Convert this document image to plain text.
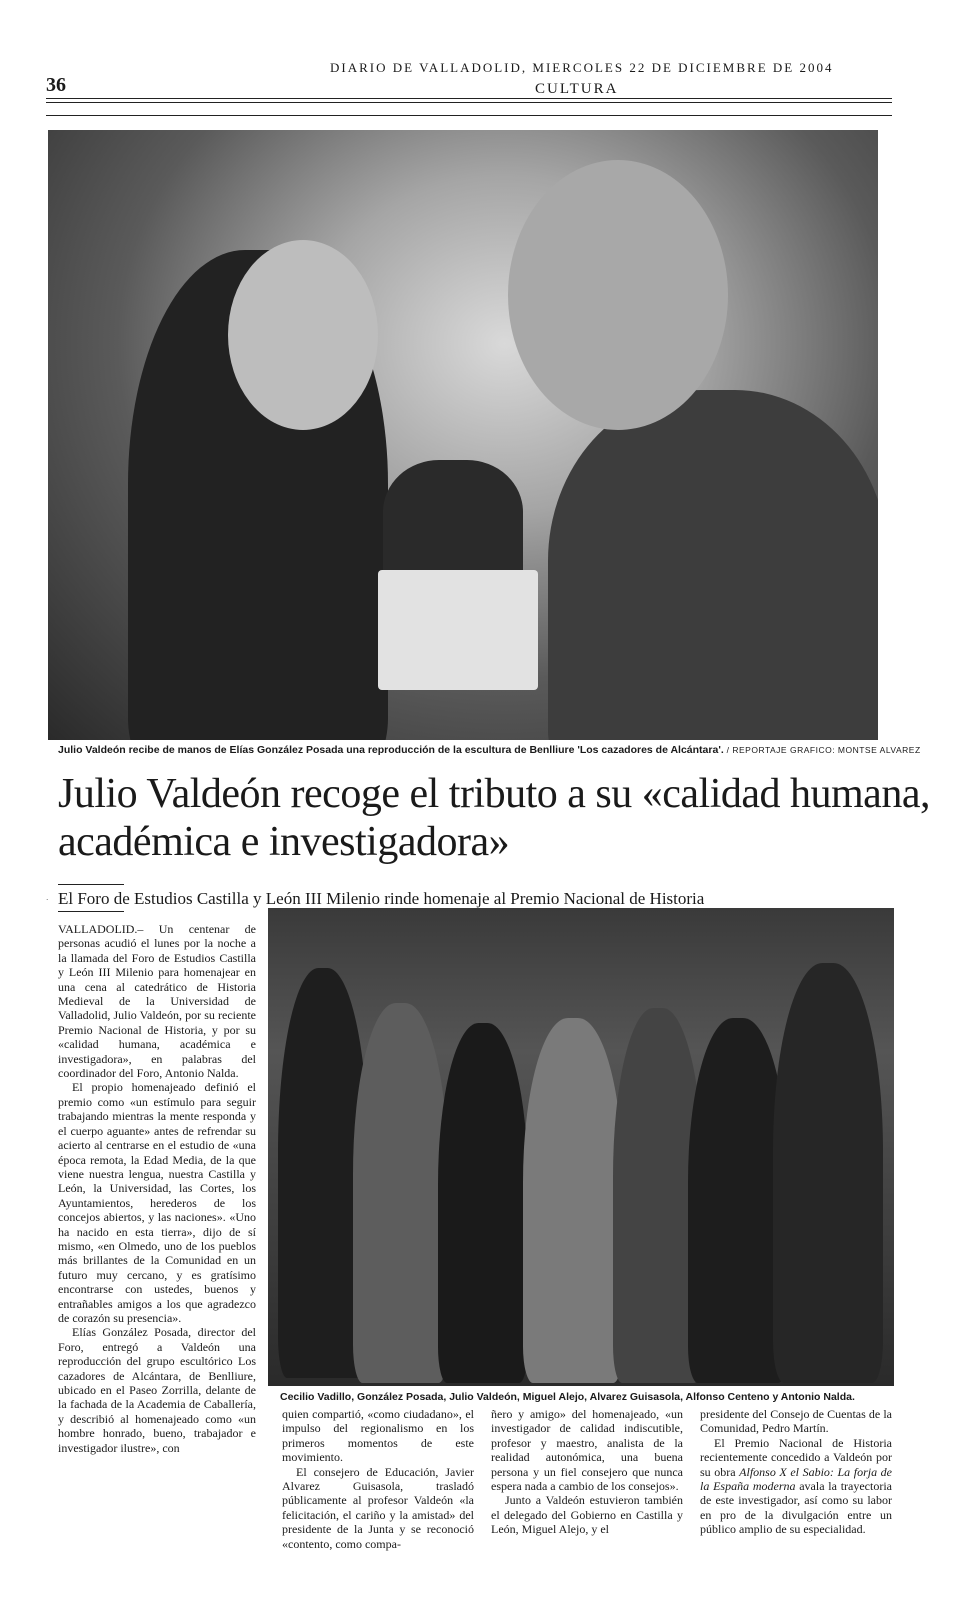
36
DIARIO DE VALLADOLID, MIERCOLES 22 DE DICIEMBRE DE 2004
CULTURA
Julio Valdeón recibe de manos de Elías González Posada una reproducción de la escultura de Benlliure 'Los cazadores de Alcántara'. / REPORTAJE GRAFICO: MONTSE ALVAREZ
Julio Valdeón recoge el tributo a su «calidad humana, académica e investigadora»
· El Foro de Estudios Castilla y León III Milenio rinde homenaje al Premio Nacional de Historia
Cecilio Vadillo, González Posada, Julio Valdeón, Miguel Alejo, Alvarez Guisasola, Alfonso Centeno y Antonio Nalda.

VALLADOLID.– Un centenar de personas acudió el lunes por la noche a la llamada del Foro de Estudios Castilla y León III Milenio para homenajear en una cena al catedrático de Historia Medieval de la Universidad de Valladolid, Julio Valdeón, por su reciente Premio Nacional de Historia, y por su «calidad humana, académica e investigadora», en palabras del coordinador del Foro, Antonio Nalda.

El propio homenajeado definió el premio como «un estímulo para seguir trabajando mientras la mente responda y el cuerpo aguante» antes de refrendar su acierto al centrarse en el estudio de «una época remota, la Edad Media, de la que viene nuestra lengua, nuestra Castilla y León, la Universidad, las Cortes, los Ayuntamientos, herederos de los concejos abiertos, y las naciones». «Uno ha nacido en esta tierra», dijo de sí mismo, «en Olmedo, uno de los pueblos más brillantes de la Comunidad en un futuro muy cercano, y es gratísimo encontrarse con ustedes, buenos y entrañables amigos a los que agradezco de corazón su presencia».

Elías González Posada, director del Foro, entregó a Valdeón una reproducción del grupo escultórico Los cazadores de Alcántara, de Benlliure, ubicado en el Paseo Zorrilla, delante de la fachada de la Academia de Caballería, y describió al homenajeado como «un hombre honrado, bueno, trabajador e investigador ilustre», con

quien compartió, «como ciudadano», el impulso del regionalismo en los primeros momentos de este movimiento.

El consejero de Educación, Javier Alvarez Guisasola, trasladó públicamente al profesor Valdeón «la felicitación, el cariño y la amistad» del presidente de la Junta y se reconoció «contento, como compa-

ñero y amigo» del homenajeado, «un investigador de calidad indiscutible, profesor y maestro, analista de la realidad autonómica, una buena persona y un fiel consejero que nunca espera nada a cambio de los consejos».

Junto a Valdeón estuvieron también el delegado del Gobierno en Castilla y León, Miguel Alejo, y el

presidente del Consejo de Cuentas de la Comunidad, Pedro Martín.

El Premio Nacional de Historia recientemente concedido a Valdeón por su obra Alfonso X el Sabio: La forja de la España moderna avala la trayectoria de este investigador, así como su labor en pro de la divulgación entre un público amplio de su especialidad.
